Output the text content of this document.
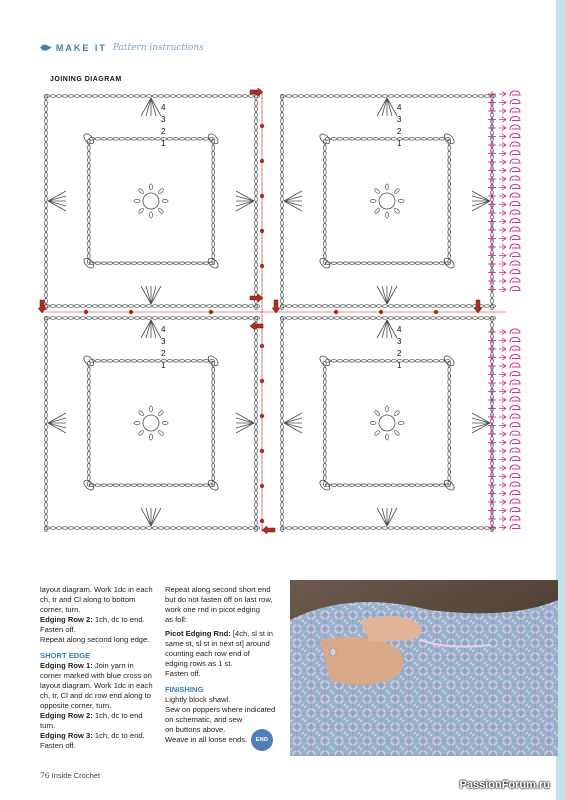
◆▶ MAKE IT Pattern instructions
JOINING DIAGRAM
1
2
3
4
1
2
3
4
1
2
3
4
1
2
3
4

layout diagram. Work 1dc in each

ch, tr and Cl along to bottom

corner, turn.

Edging Row 2: 1ch, dc to end.

Fasten off.

Repeat along second long edge.

SHORT EDGE

Edging Row 1: Join yarn in

corner marked with blue cross on

layout diagram. Work 1dc in each

ch, tr, Cl and dc row end along to

opposite corner, turn.

Edging Row 2: 1ch, dc to end

turn.

Edging Row 3: 1ch, dc to end.

Fasten off.

Repeat along second short end

but do not fasten off on last row,

work one rnd in picot edging

as foll:

Picot Edging Rnd: [4ch, sl st in

same st, sl st in next st] around

counting each row end of

edging rows as 1 st.

Fasten off.

FINISHING

Lightly block shawl.

Sew on poppers where indicated

on schematic, and sew

on buttons above.

Weave in all loose ends.	END
76 Inside Crochet
PassionForum.ru
